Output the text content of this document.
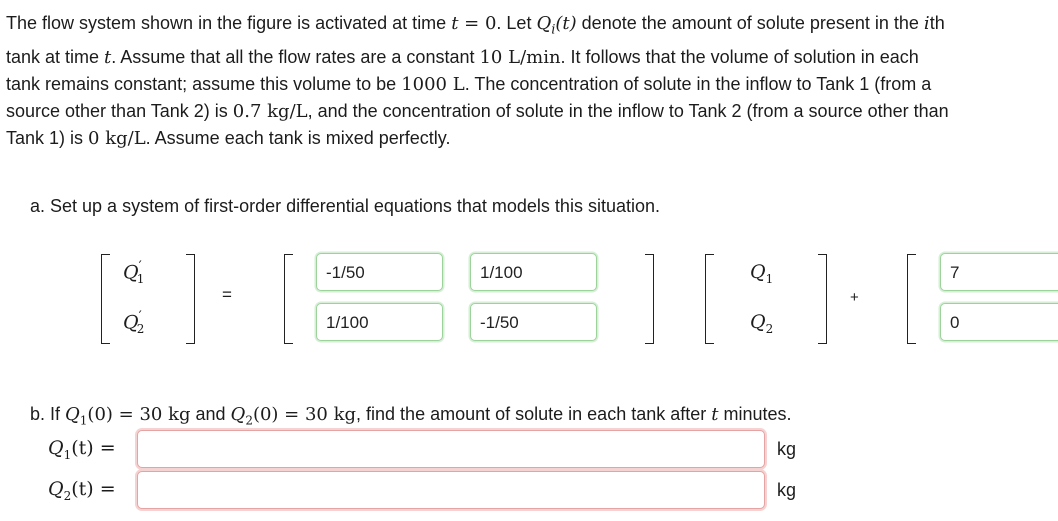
The flow system shown in the figure is activated at time t = 0. Let $Q_i(t)$ denote the amount of solute present in the ith
tank at time t. Assume that all the flow rates are a constant 10 L/min. It follows that the volume of solution in each
tank remains constant; assume this volume to be 1000 L. The concentration of solute in the inflow to Tank 1 (from a
source other than Tank 2) is 0.7 kg/L, and the concentration of solute in the inflow to Tank 2 (from a source other than
Tank 1) is 0 kg/L. Assume each tank is mixed perfectly.
a. Set up a system of first-order differential equations that models this situation.
$Q'_1$
$Q'_2$
=
-1/50	1/100
1/100	-1/50
$Q_1$
$Q_2$
+
7
0
b. If $Q_1(0) = 30$ kg and $Q_2(0) = 30$ kg, find the amount of solute in each tank after t minutes.
$Q_1(t)$ =	kg
$Q_2(t)$ =	kg
